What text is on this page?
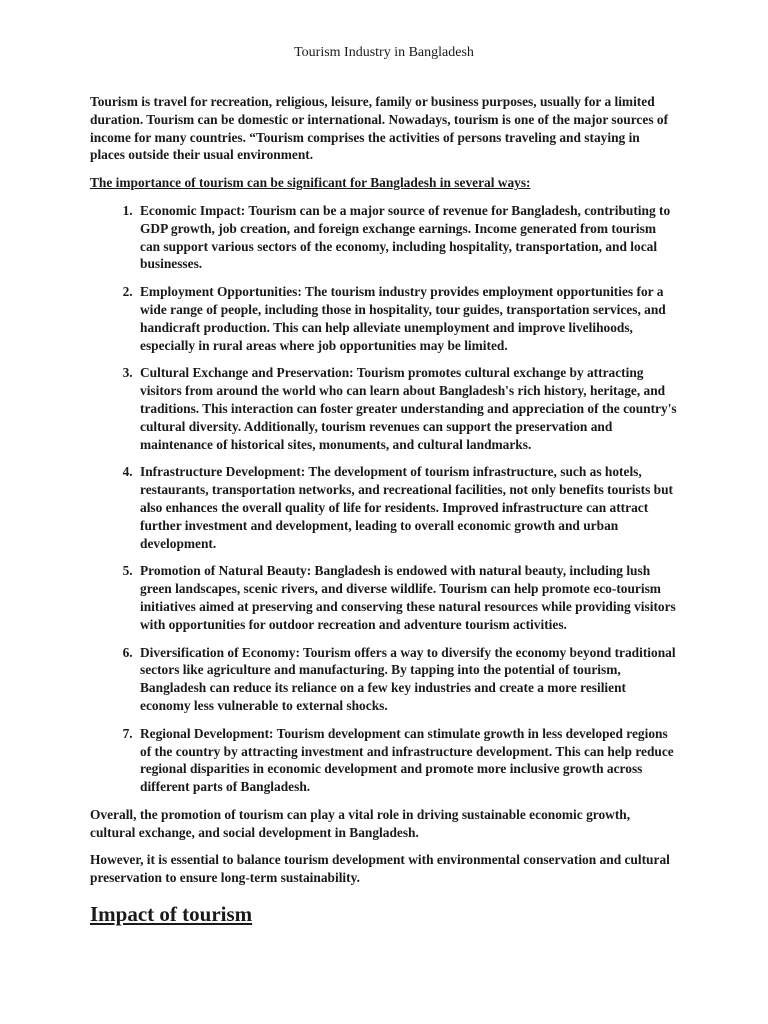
Tourism Industry in Bangladesh

Tourism is travel for recreation, religious, leisure, family or business purposes, usually for a limited duration. Tourism can be domestic or international. Nowadays, tourism is one of the major sources of income for many countries. “Tourism comprises the activities of persons traveling and staying in places outside their usual environment.

The importance of tourism can be significant for Bangladesh in several ways:

1. Economic Impact: Tourism can be a major source of revenue for Bangladesh, contributing to GDP growth, job creation, and foreign exchange earnings. Income generated from tourism can support various sectors of the economy, including hospitality, transportation, and local businesses.
2. Employment Opportunities: The tourism industry provides employment opportunities for a wide range of people, including those in hospitality, tour guides, transportation services, and handicraft production. This can help alleviate unemployment and improve livelihoods, especially in rural areas where job opportunities may be limited.
3. Cultural Exchange and Preservation: Tourism promotes cultural exchange by attracting visitors from around the world who can learn about Bangladesh's rich history, heritage, and traditions. This interaction can foster greater understanding and appreciation of the country's cultural diversity. Additionally, tourism revenues can support the preservation and maintenance of historical sites, monuments, and cultural landmarks.
4. Infrastructure Development: The development of tourism infrastructure, such as hotels, restaurants, transportation networks, and recreational facilities, not only benefits tourists but also enhances the overall quality of life for residents. Improved infrastructure can attract further investment and development, leading to overall economic growth and urban development.
5. Promotion of Natural Beauty: Bangladesh is endowed with natural beauty, including lush green landscapes, scenic rivers, and diverse wildlife. Tourism can help promote eco-tourism initiatives aimed at preserving and conserving these natural resources while providing visitors with opportunities for outdoor recreation and adventure tourism activities.
6. Diversification of Economy: Tourism offers a way to diversify the economy beyond traditional sectors like agriculture and manufacturing. By tapping into the potential of tourism, Bangladesh can reduce its reliance on a few key industries and create a more resilient economy less vulnerable to external shocks.
7. Regional Development: Tourism development can stimulate growth in less developed regions of the country by attracting investment and infrastructure development. This can help reduce regional disparities in economic development and promote more inclusive growth across different parts of Bangladesh.

Overall, the promotion of tourism can play a vital role in driving sustainable economic growth, cultural exchange, and social development in Bangladesh.

However, it is essential to balance tourism development with environmental conservation and cultural preservation to ensure long-term sustainability.

Impact of tourism
